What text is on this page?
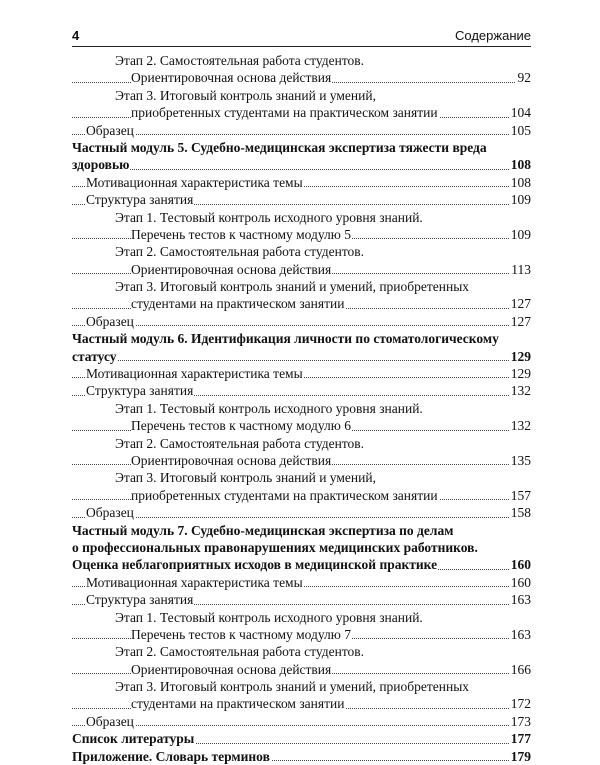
4	Содержание
Этап 2. Самостоятельная работа студентов.
Ориентировочная основа действия	92
Этап 3. Итоговый контроль знаний и умений,
приобретенных студентами на практическом занятии	104
Образец	105
Частный модуль 5. Судебно-медицинская экспертиза тяжести вреда
здоровью	108
Мотивационная характеристика темы	108
Структура занятия	109
Этап 1. Тестовый контроль исходного уровня знаний.
Перечень тестов к частному модулю 5	109
Этап 2. Самостоятельная работа студентов.
Ориентировочная основа действия	113
Этап 3. Итоговый контроль знаний и умений, приобретенных
студентами на практическом занятии	127
Образец	127
Частный модуль 6. Идентификация личности по стоматологическому
статусу	129
Мотивационная характеристика темы	129
Структура занятия	132
Этап 1. Тестовый контроль исходного уровня знаний.
Перечень тестов к частному модулю 6	132
Этап 2. Самостоятельная работа студентов.
Ориентировочная основа действия	135
Этап 3. Итоговый контроль знаний и умений,
приобретенных студентами на практическом занятии	157
Образец	158
Частный модуль 7. Судебно-медицинская экспертиза по делам
о профессиональных правонарушениях медицинских работников.
Оценка неблагоприятных исходов в медицинской практике	160
Мотивационная характеристика темы	160
Структура занятия	163
Этап 1. Тестовый контроль исходного уровня знаний.
Перечень тестов к частному модулю 7	163
Этап 2. Самостоятельная работа студентов.
Ориентировочная основа действия	166
Этап 3. Итоговый контроль знаний и умений, приобретенных
студентами на практическом занятии	172
Образец	173
Список литературы	177
Приложение. Словарь терминов	179
